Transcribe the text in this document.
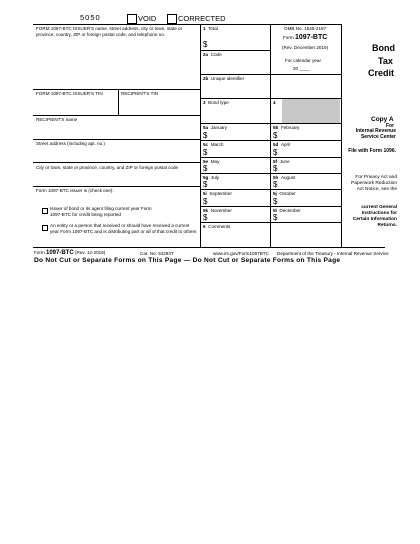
5050	VOID	CORRECTED
FORM 1097-BTC ISSUER'S name, street address, city or town, state or province, country, ZIP or foreign postal code, and telephone no.
FORM 1097-BTC ISSUER'S TIN	RECIPIENT'S TIN
RECIPIENT'S name
Street address (including apt. no.)
City or town, state or province, country, and ZIP or foreign postal code
Form 1097-BTC issuer is (check one):
Issuer of bond or its agent filing current year Form 1097-BTC for credit being reported
An entity or a person that received or should have received a current year Form 1097-BTC and is distributing part or all of that credit to others
1 Total
$
2a Code
2b Unique identifier
3 Bond type	4
OMB No. 1545-2197
Form 1097-BTC
(Rev. December 2019)
For calendar year
20 ____
Bond
Tax
Credit
Copy A
For
Internal Revenue
Service Center
File with Form 1096.
For Privacy Act and Paperwork Reduction Act Notice, see the
current General Instructions for Certain Information Returns.
5a January
$
5b February
$
5c March
$
5d April
$
5e May
$
5f June
$
5g July
$
5h August
$
5i September
$
5j October
$
5k November
$
5l December
$
6 Comments
Form 1097-BTC (Rev. 12-2019)	Cat. No. 54293T	www.irs.gov/Form1097BTC Department of the Treasury - Internal Revenue Service
Do Not Cut or Separate Forms on This Page — Do Not Cut or Separate Forms on This Page
